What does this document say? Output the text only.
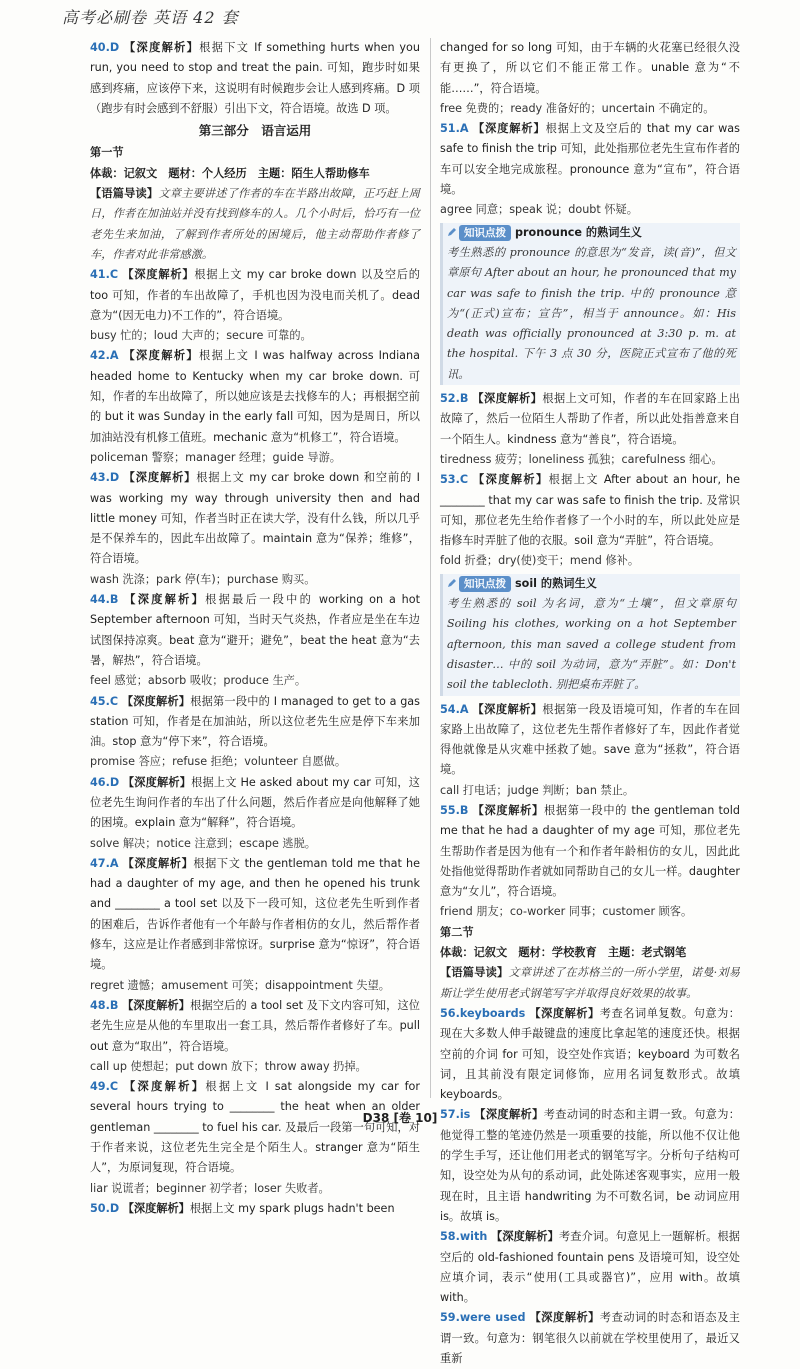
高考必刷卷 英语 42 套

40.D 【深度解析】根据下文 If something hurts when you run, you need to stop and treat the pain. 可知，跑步时如果感到疼痛，应该停下来，这说明有时候跑步会让人感到疼痛。D 项（跑步有时会感到不舒服）引出下文，符合语境。故选 D 项。

第三部分　语言运用

第一节

体裁：记叙文　题材：个人经历　主题：陌生人帮助修车

【语篇导读】文章主要讲述了作者的车在半路出故障，正巧赶上周日，作者在加油站并没有找到修车的人。几个小时后，恰巧有一位老先生来加油，了解到作者所处的困境后，他主动帮助作者修了车，作者对此非常感激。

41.C 【深度解析】根据上文 my car broke down 以及空后的 too 可知，作者的车出故障了，手机也因为没电而关机了。dead 意为“(因无电力)不工作的”，符合语境。

busy 忙的；loud 大声的；secure 可靠的。

42.A 【深度解析】根据上文 I was halfway across Indiana headed home to Kentucky when my car broke down. 可知，作者的车出故障了，所以她应该是去找修车的人；再根据空前的 but it was Sunday in the early fall 可知，因为是周日，所以加油站没有机修工值班。mechanic 意为“机修工”，符合语境。

policeman 警察；manager 经理；guide 导游。

43.D 【深度解析】根据上文 my car broke down 和空前的 I was working my way through university then and had little money 可知，作者当时正在读大学，没有什么钱，所以几乎是不保养车的，因此车出故障了。maintain 意为“保养；维修”，符合语境。

wash 洗涤；park 停(车)；purchase 购买。

44.B 【深度解析】根据最后一段中的 working on a hot September afternoon 可知，当时天气炎热，作者应是坐在车边试图保持凉爽。beat 意为“避开；避免”，beat the heat 意为“去暑，解热”，符合语境。

feel 感觉；absorb 吸收；produce 生产。

45.C 【深度解析】根据第一段中的 I managed to get to a gas station 可知，作者是在加油站，所以这位老先生应是停下车来加油。stop 意为“停下来”，符合语境。

promise 答应；refuse 拒绝；volunteer 自愿做。

46.D 【深度解析】根据上文 He asked about my car 可知，这位老先生询问作者的车出了什么问题，然后作者应是向他解释了她的困境。explain 意为“解释”，符合语境。

solve 解决；notice 注意到；escape 逃脱。

47.A 【深度解析】根据下文 the gentleman told me that he had a daughter of my age, and then he opened his trunk and ________ a tool set 以及下一段可知，这位老先生听到作者的困难后，告诉作者他有一个年龄与作者相仿的女儿，然后帮作者修车，这应是让作者感到非常惊讶。surprise 意为“惊讶”，符合语境。

regret 遗憾；amusement 可笑；disappointment 失望。

48.B 【深度解析】根据空后的 a tool set 及下文内容可知，这位老先生应是从他的车里取出一套工具，然后帮作者修好了车。pull out 意为“取出”，符合语境。

call up 使想起；put down 放下；throw away 扔掉。

49.C 【深度解析】根据上文 I sat alongside my car for several hours trying to ________ the heat when an older gentleman ________ to fuel his car. 及最后一段第一句可知，对于作者来说，这位老先生完全是个陌生人。stranger 意为“陌生人”，为原词复现，符合语境。

liar 说谎者；beginner 初学者；loser 失败者。

50.D 【深度解析】根据上文 my spark plugs hadn't been

changed for so long 可知，由于车辆的火花塞已经很久没有更换了，所以它们不能正常工作。unable 意为“不能……”，符合语境。

free 免费的；ready 准备好的；uncertain 不确定的。

51.A 【深度解析】根据上文及空后的 that my car was safe to finish the trip 可知，此处指那位老先生宣布作者的车可以安全地完成旅程。pronounce 意为“宣布”，符合语境。

agree 同意；speak 说；doubt 怀疑。

知识点拨 pronounce 的熟词生义

考生熟悉的 pronounce 的意思为“发音，读(音)”，但文章原句 After about an hour, he pronounced that my car was safe to finish the trip. 中的 pronounce 意为“(正式)宣布；宣告”，相当于 announce。如：His death was officially pronounced at 3:30 p. m. at the hospital. 下午 3 点 30 分，医院正式宣布了他的死讯。

52.B 【深度解析】根据上文可知，作者的车在回家路上出故障了，然后一位陌生人帮助了作者，所以此处指善意来自一个陌生人。kindness 意为“善良”，符合语境。

tiredness 疲劳；loneliness 孤独；carefulness 细心。

53.C 【深度解析】根据上文 After about an hour, he ________ that my car was safe to finish the trip. 及常识可知，那位老先生给作者修了一个小时的车，所以此处应是指修车时弄脏了他的衣服。soil 意为“弄脏”，符合语境。

fold 折叠；dry(使)变干；mend 修补。

知识点拨 soil 的熟词生义

考生熟悉的 soil 为名词，意为“土壤”，但文章原句 Soiling his clothes, working on a hot September afternoon, this man saved a college student from disaster… 中的 soil 为动词，意为“弄脏”。如：Don't soil the tablecloth. 别把桌布弄脏了。

54.A 【深度解析】根据第一段及语境可知，作者的车在回家路上出故障了，这位老先生帮作者修好了车，因此作者觉得他就像是从灾难中拯救了她。save 意为“拯救”，符合语境。

call 打电话；judge 判断；ban 禁止。

55.B 【深度解析】根据第一段中的 the gentleman told me that he had a daughter of my age 可知，那位老先生帮助作者是因为他有一个和作者年龄相仿的女儿，因此此处指他觉得帮助作者就如同帮助自己的女儿一样。daughter 意为“女儿”，符合语境。

friend 朋友；co-worker 同事；customer 顾客。

第二节

体裁：记叙文　题材：学校教育　主题：老式钢笔

【语篇导读】文章讲述了在苏格兰的一所小学里，诺曼·刘易斯让学生使用老式钢笔写字并取得良好效果的故事。

56.keyboards 【深度解析】考查名词单复数。句意为：现在大多数人伸手敲键盘的速度比拿起笔的速度还快。根据空前的介词 for 可知，设空处作宾语；keyboard 为可数名词，且其前没有限定词修饰，应用名词复数形式。故填 keyboards。

57.is 【深度解析】考查动词的时态和主谓一致。句意为：他觉得工整的笔迹仍然是一项重要的技能，所以他不仅让他的学生手写，还让他们用老式的钢笔写字。分析句子结构可知，设空处为从句的系动词，此处陈述客观事实，应用一般现在时，且主语 handwriting 为不可数名词，be 动词应用 is。故填 is。

58.with 【深度解析】考查介词。句意见上一题解析。根据空后的 old-fashioned fountain pens 及语境可知，设空处应填介词，表示“使用(工具或器官)”，应用 with。故填 with。

59.were used 【深度解析】考查动词的时态和语态及主谓一致。句意为：钢笔很久以前就在学校里使用了，最近又重新

D38 [卷 10]
